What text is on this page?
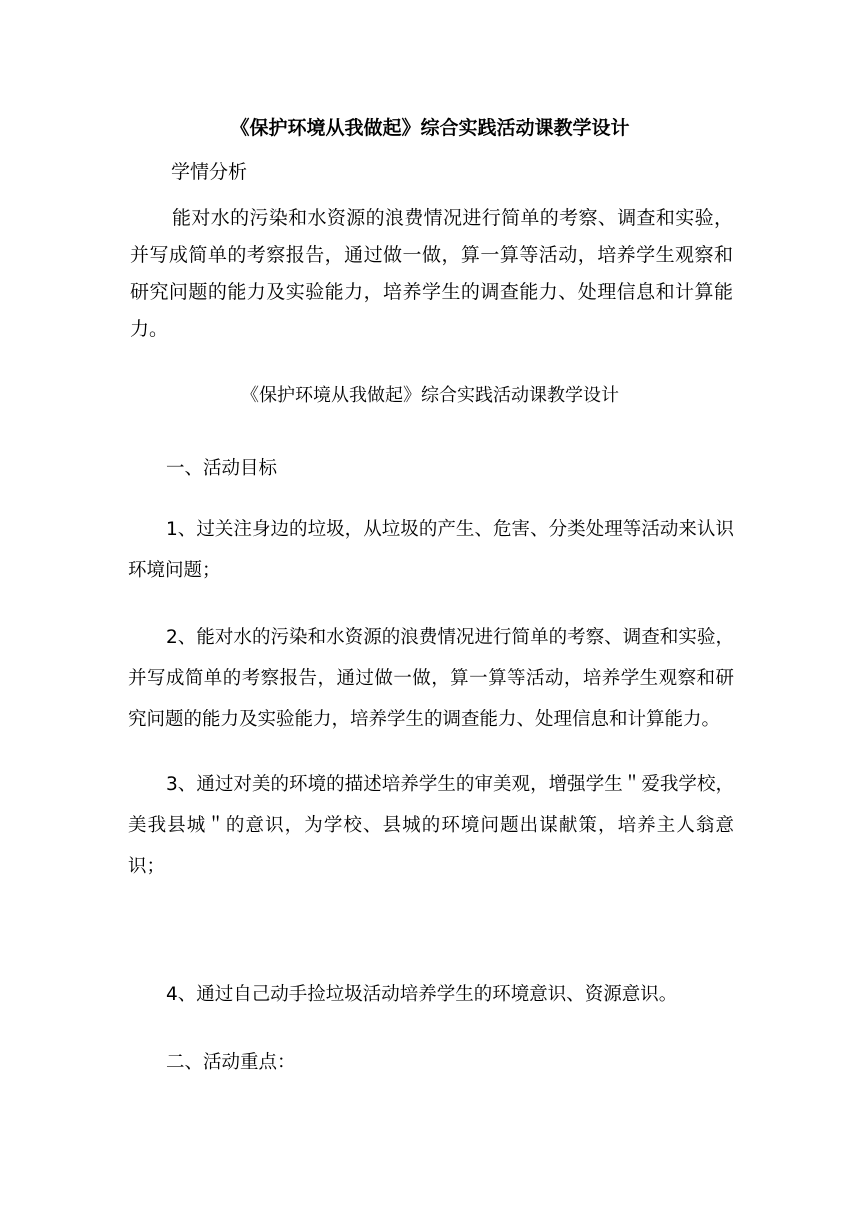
《保护环境从我做起》综合实践活动课教学设计
学情分析

能对水的污染和水资源的浪费情况进行简单的考察、调查和实验，并写成简单的考察报告，通过做一做，算一算等活动，培养学生观察和研究问题的能力及实验能力，培养学生的调查能力、处理信息和计算能力。

《保护环境从我做起》综合实践活动课教学设计
一、活动目标

1、过关注身边的垃圾，从垃圾的产生、危害、分类处理等活动来认识环境问题；

2、能对水的污染和水资源的浪费情况进行简单的考察、调查和实验，并写成简单的考察报告，通过做一做，算一算等活动，培养学生观察和研究问题的能力及实验能力，培养学生的调查能力、处理信息和计算能力。

3、通过对美的环境的描述培养学生的审美观，增强学生＂爱我学校，美我县城＂的意识，为学校、县城的环境问题出谋献策，培养主人翁意识；

4、通过自己动手捡垃圾活动培养学生的环境意识、资源意识。

二、活动重点：
